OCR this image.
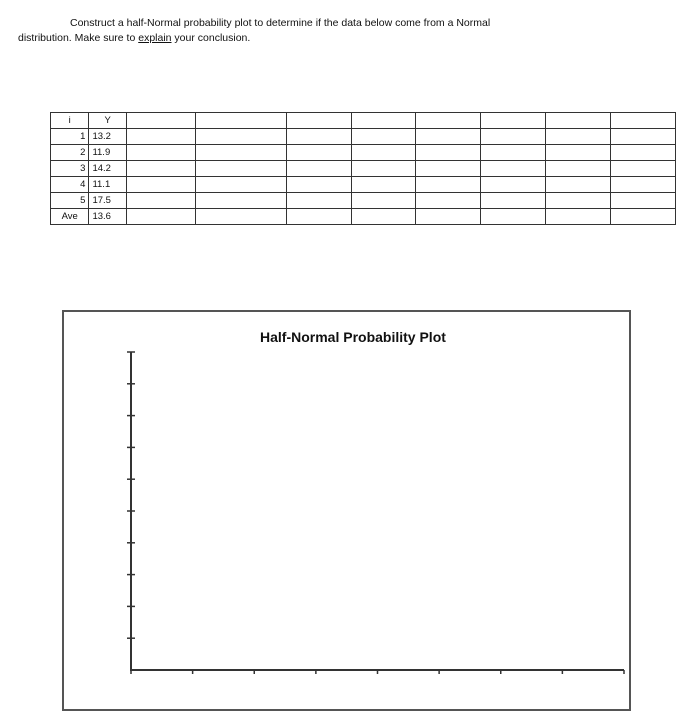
Construct a half-Normal probability plot to determine if the data below come from a Normal
distribution. Make sure to explain your conclusion.
i	Y								
1	13.2								
2	11.9								
3	14.2								
4	11.1								
5	17.5								
Ave	13.6								
Half-Normal Probability Plot
